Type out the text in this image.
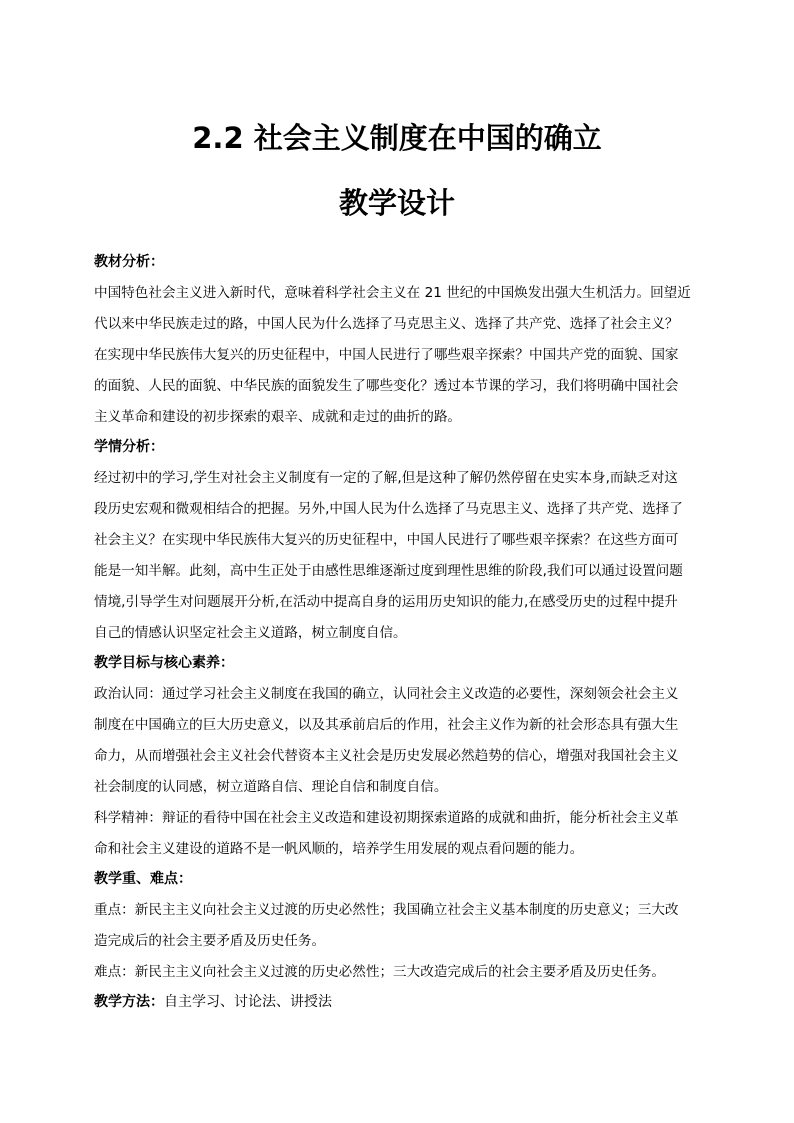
2.2 社会主义制度在中国的确立
教学设计
教材分析：
中国特色社会主义进入新时代，意味着科学社会主义在 21 世纪的中国焕发出强大生机活力。回望近
代以来中华民族走过的路，中国人民为什么选择了马克思主义、选择了共产党、选择了社会主义？
在实现中华民族伟大复兴的历史征程中，中国人民进行了哪些艰辛探索？中国共产党的面貌、国家
的面貌、人民的面貌、中华民族的面貌发生了哪些变化？透过本节课的学习，我们将明确中国社会
主义革命和建设的初步探索的艰辛、成就和走过的曲折的路。
学情分析：
经过初中的学习,学生对社会主义制度有一定的了解,但是这种了解仍然停留在史实本身,而缺乏对这
段历史宏观和微观相结合的把握。另外,中国人民为什么选择了马克思主义、选择了共产党、选择了
社会主义？在实现中华民族伟大复兴的历史征程中，中国人民进行了哪些艰辛探索？在这些方面可
能是一知半解。此刻，高中生正处于由感性思维逐渐过度到理性思维的阶段,我们可以通过设置问题
情境,引导学生对问题展开分析,在活动中提高自身的运用历史知识的能力,在感受历史的过程中提升
自己的情感认识坚定社会主义道路，树立制度自信。
教学目标与核心素养：
政治认同：通过学习社会主义制度在我国的确立，认同社会主义改造的必要性，深刻领会社会主义
制度在中国确立的巨大历史意义，以及其承前启后的作用，社会主义作为新的社会形态具有强大生
命力，从而增强社会主义社会代替资本主义社会是历史发展必然趋势的信心，增强对我国社会主义
社会制度的认同感，树立道路自信、理论自信和制度自信。
科学精神：辩证的看待中国在社会主义改造和建设初期探索道路的成就和曲折，能分析社会主义革
命和社会主义建设的道路不是一帆风顺的，培养学生用发展的观点看问题的能力。
教学重、难点：
重点：新民主主义向社会主义过渡的历史必然性；我国确立社会主义基本制度的历史意义；三大改
造完成后的社会主要矛盾及历史任务。
难点：新民主主义向社会主义过渡的历史必然性；三大改造完成后的社会主要矛盾及历史任务。
教学方法：自主学习、讨论法、讲授法
